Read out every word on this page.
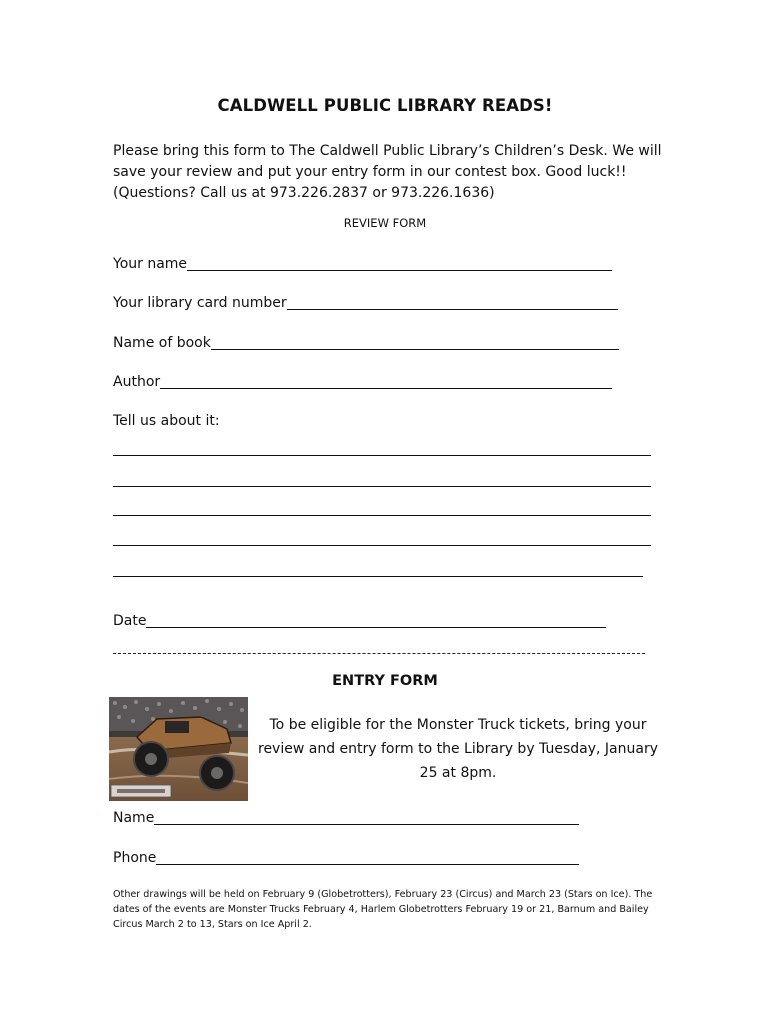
CALDWELL PUBLIC LIBRARY READS!
Please bring this form to The Caldwell Public Library’s Children’s Desk. We will save your review and put your entry form in our contest box. Good luck!! (Questions? Call us at 973.226.2837 or 973.226.1636)
REVIEW FORM
Your name
Your library card number
Name of book
Author
Tell us about it:
Date
ENTRY FORM
To be eligible for the Monster Truck tickets, bring your review and entry form to the Library by Tuesday, January 25 at 8pm.
Name
Phone
Other drawings will be held on February 9 (Globetrotters), February 23 (Circus) and March 23 (Stars on Ice). The dates of the events are Monster Trucks February 4, Harlem Globetrotters February 19 or 21, Barnum and Bailey Circus March 2 to 13, Stars on Ice April 2.
